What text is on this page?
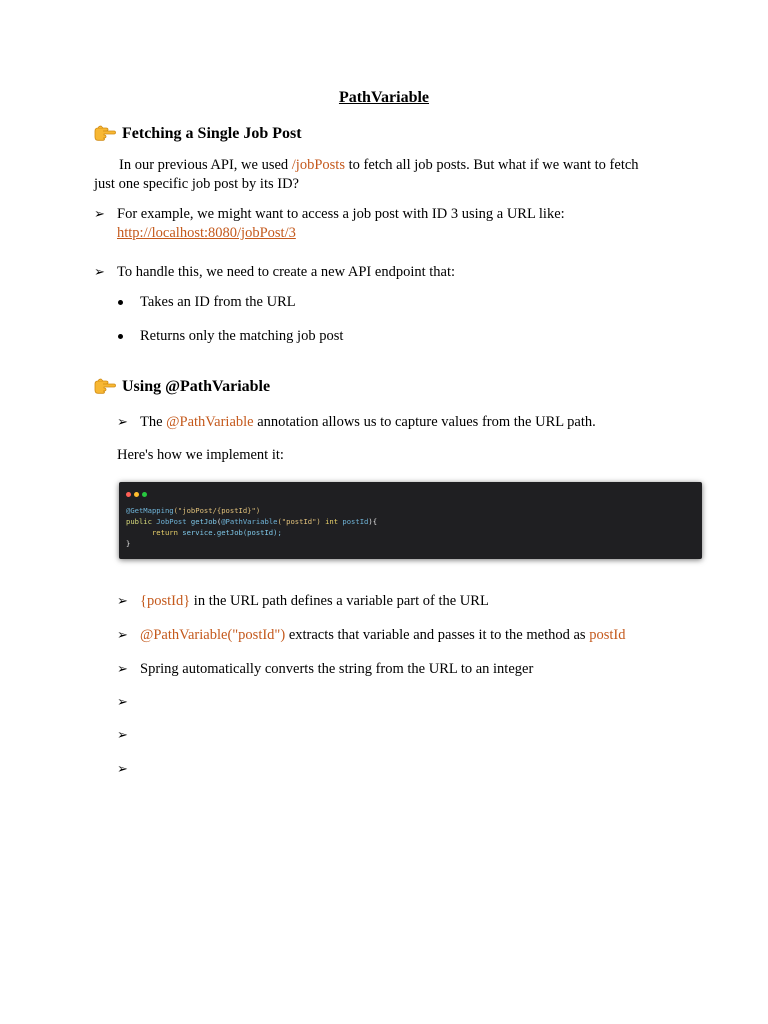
PathVariable
Fetching a Single Job Post
In our previous API, we used /jobPosts to fetch all job posts. But what if we want to fetch
just one specific job post by its ID?
➢ For example, we might want to access a job post with ID 3 using a URL like:
http://localhost:8080/jobPost/3
➢ To handle this, we need to create a new API endpoint that:
Takes an ID from the URL
Returns only the matching job post
Using @PathVariable
➢ The @PathVariable annotation allows us to capture values from the URL path.
Here's how we implement it:
@GetMapping("jobPost/{postId}")
public JobPost getJob(@PathVariable("postId") int postId){
return service.getJob(postId);
}
➢ {postId} in the URL path defines a variable part of the URL
➢ @PathVariable("postId") extracts that variable and passes it to the method as postId
➢ Spring automatically converts the string from the URL to an integer
➢
➢
➢
